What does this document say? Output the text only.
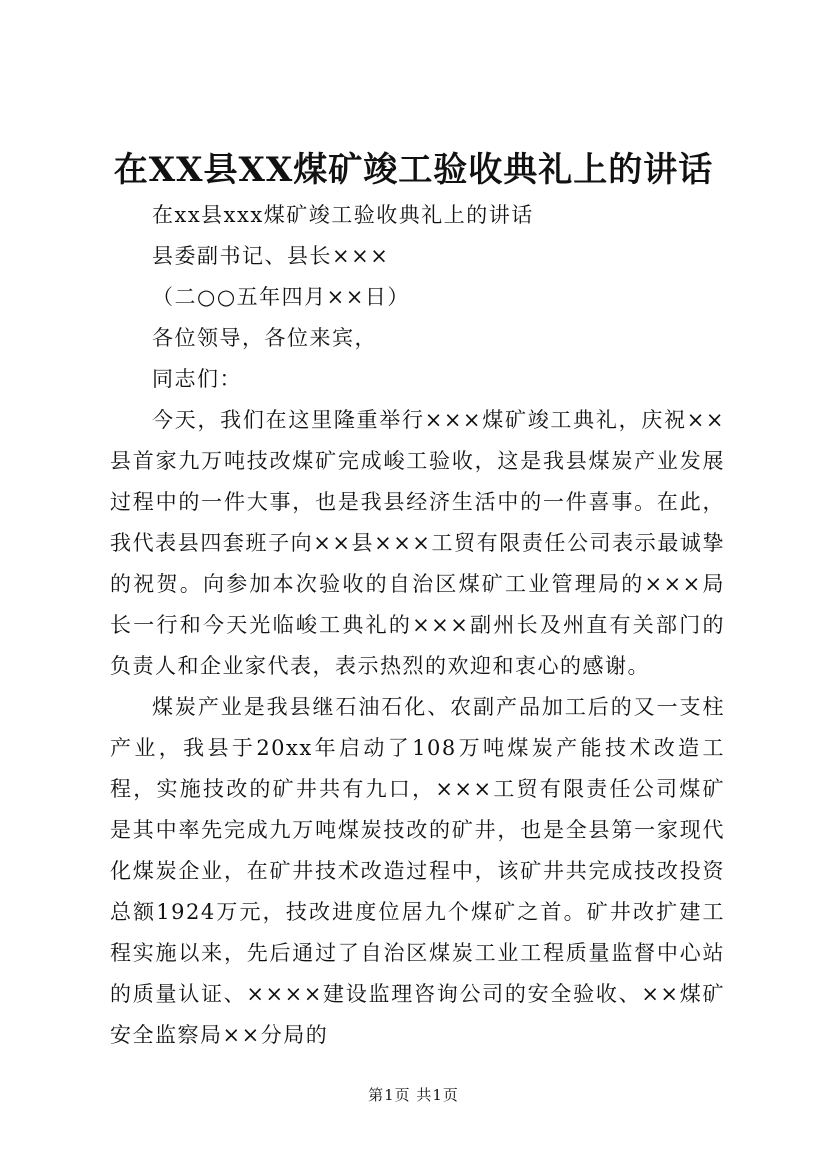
在XX县XX煤矿竣工验收典礼上的讲话

在xx县xxx煤矿竣工验收典礼上的讲话

县委副书记、县长×××

（二○○五年四月××日）

各位领导，各位来宾，

同志们：

今天，我们在这里隆重举行×××煤矿竣工典礼，庆祝××县首家九万吨技改煤矿完成峻工验收，这是我县煤炭产业发展过程中的一件大事，也是我县经济生活中的一件喜事。在此，我代表县四套班子向××县×××工贸有限责任公司表示最诚挚的祝贺。向参加本次验收的自治区煤矿工业管理局的×××局长一行和今天光临峻工典礼的×××副州长及州直有关部门的负责人和企业家代表，表示热烈的欢迎和衷心的感谢。

煤炭产业是我县继石油石化、农副产品加工后的又一支柱产业，我县于20xx年启动了108万吨煤炭产能技术改造工程，实施技改的矿井共有九口，×××工贸有限责任公司煤矿是其中率先完成九万吨煤炭技改的矿井，也是全县第一家现代化煤炭企业，在矿井技术改造过程中，该矿井共完成技改投资总额1924万元，技改进度位居九个煤矿之首。矿井改扩建工程实施以来，先后通过了自治区煤炭工业工程质量监督中心站的质量认证、××××建设监理咨询公司的安全验收、××煤矿安全监察局××分局的

第1页 共1页
